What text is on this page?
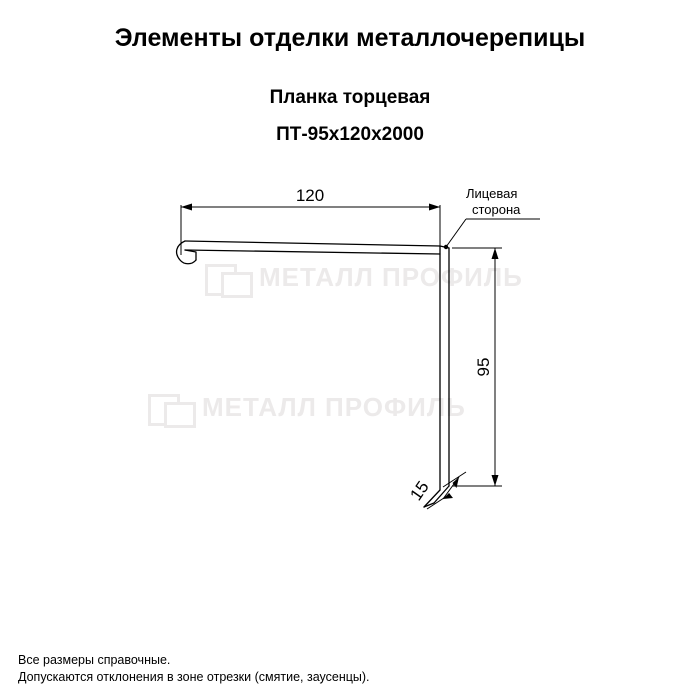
Элементы отделки металлочерепицы
Планка торцевая
ПТ-95х120х2000
МЕТАЛЛ ПРОФИЛЬ
МЕТАЛЛ ПРОФИЛЬ
120
95
15
Лицевая
сторона
Все размеры справочные.
Допускаются отклонения в зоне отрезки (смятие, заусенцы).
